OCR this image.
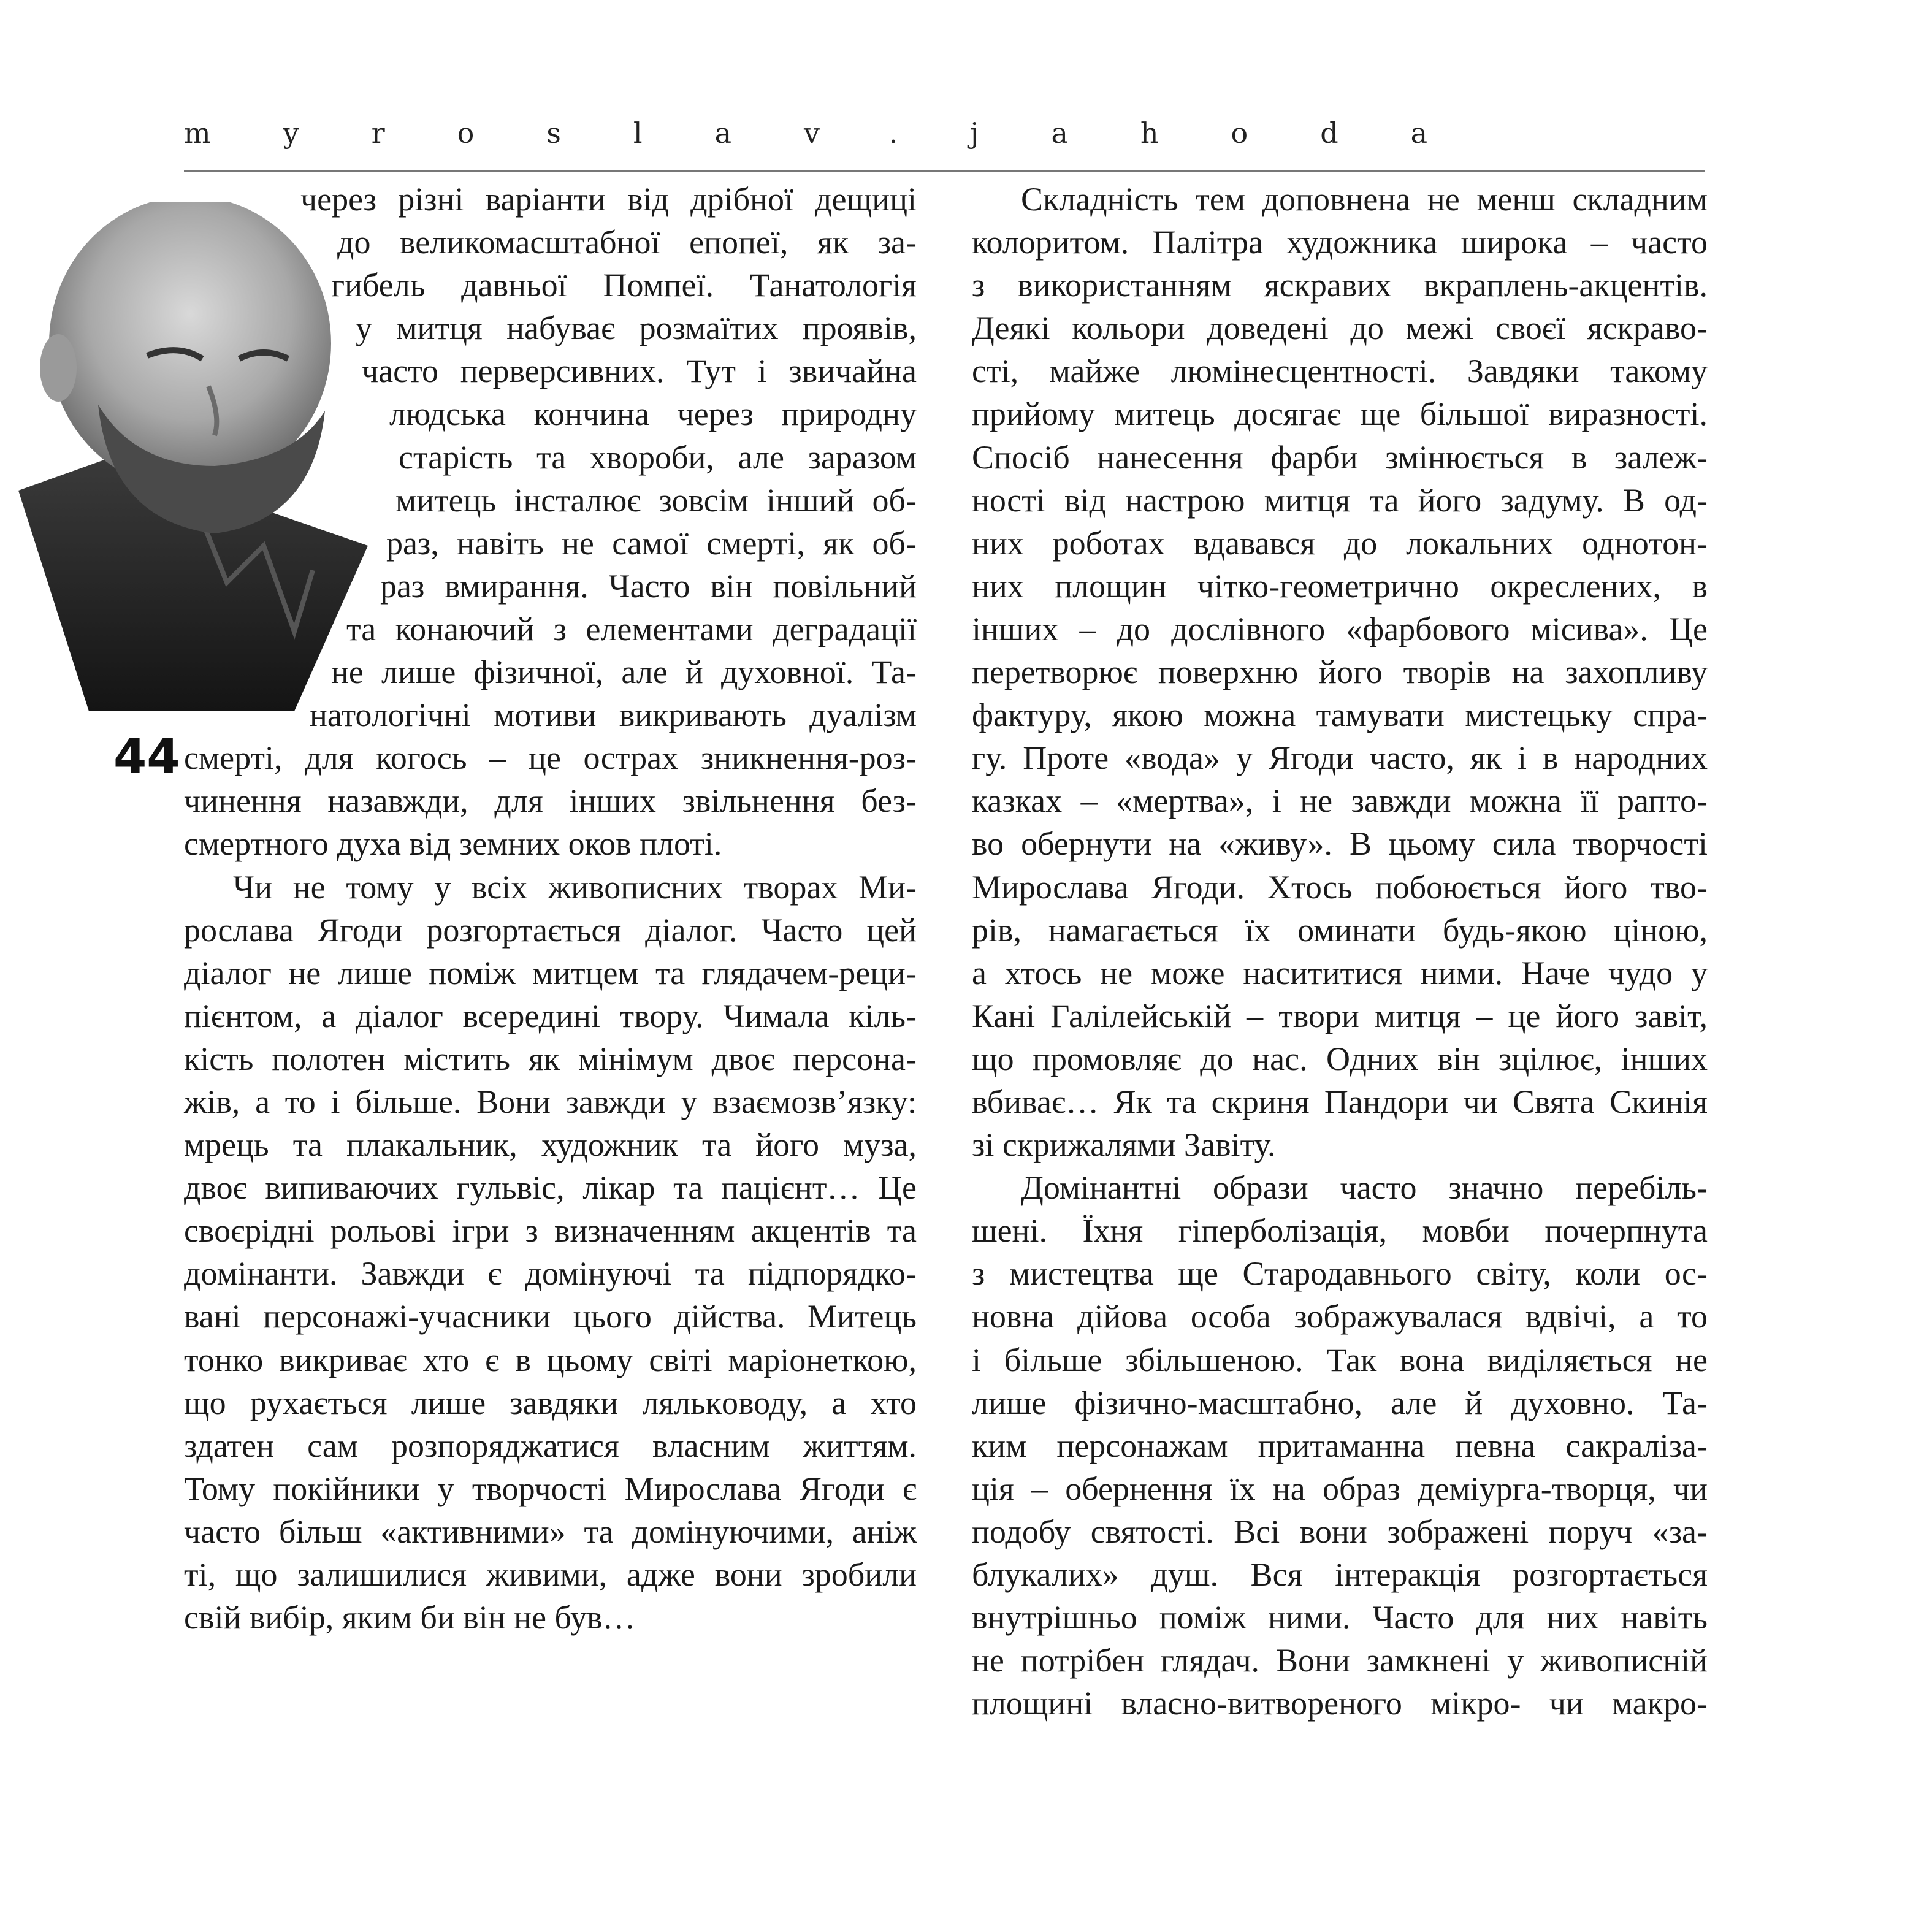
myroslav.jahoda
44
через різні варіанти від дрібної дещиці
до великомасштабної епопеї, як за-
гибель давньої Помпеї. Танатологія
у митця набуває розмаїтих проявів,
часто перверсивних. Тут і звичайна
людська кончина через природну
старість та хвороби, але заразом
митець інсталює зовсім інший об-
раз, навіть не самої смерті, як об-
раз вмирання. Часто він повільний
та конаючий з елементами деградації
не лише фізичної, але й духовної. Та-
натологічні мотиви викривають дуалізм
смерті, для когось – це острах зникнення-роз-
чинення назавжди, для інших звільнення без-
смертного духа від земних оков плоті.
Чи не тому у всіх живописних творах Ми-
рослава Ягоди розгортається діалог. Часто цей
діалог не лише поміж митцем та глядачем-реци-
пієнтом, а діалог всередині твору. Чимала кіль-
кість полотен містить як мінімум двоє персона-
жів, а то і більше. Вони завжди у взаємозв’язку:
мрець та плакальник, художник та його муза,
двоє випиваючих гульвіс, лікар та пацієнт… Це
своєрідні рольові ігри з визначенням акцентів та
домінанти. Завжди є домінуючі та підпорядко-
вані персонажі-учасники цього дійства. Митець
тонко викриває хто є в цьому світі маріонеткою,
що рухається лише завдяки лялькoводу, а хто
здатен сам розпоряджатися власним життям.
Тому покійники у творчості Мирослава Ягоди є
часто більш «активними» та домінуючими, аніж
ті, що залишилися живими, адже вони зробили
свій вибір, яким би він не був…
Складність тем доповнена не менш складним
колоритом. Палітра художника широка – часто
з використанням яскравих вкраплень-акцентів.
Деякі кольори доведені до межі своєї яскраво-
сті, майже люмінесцентності. Завдяки такому
прийому митець досягає ще більшої виразності.
Спосіб нанесення фарби змінюється в залеж-
ності від настрою митця та його задуму. В од-
них роботах вдавався до локальних однотон-
них площин чітко-геометрично окреслених, в
інших – до дослівного «фарбового місива». Це
перетворює поверхню його творів на захопливу
фактуру, якою можна тамувати мистецьку спра-
гу. Проте «вода» у Ягоди часто, як і в народних
казках – «мертва», і не завжди можна її рапто-
во обернути на «живу». В цьому сила творчості
Мирослава Ягоди. Хтось побоюється його тво-
рів, намагається їх оминати будь-якою ціною,
а хтось не може насититися ними. Наче чудо у
Кані Галілейській – твори митця – це його завіт,
що промовляє до нас. Одних він зцілює, інших
вбиває… Як та скриня Пандори чи Свята Скинія
зі скрижалями Завіту.
Домінантні образи часто значно перебіль-
шені. Їхня гіперболізація, мовби почерпнута
з мистецтва ще Стародавнього світу, коли ос-
новна дійова особа зображувалася вдвічі, а то
і більше збільшеною. Так вона виділяється не
лише фізично-масштабно, але й духовно. Та-
ким персонажам притаманна певна сакралізa-
ція – обернення їх на образ деміурга-творця, чи
подобу святості. Всі вони зображені поруч «за-
блукалих» душ. Вся інтеракція розгортається
внутрішньо поміж ними. Часто для них навіть
не потрібен глядач. Вони замкнені у живописній
площині власно-витвореного мікро- чи макро-
